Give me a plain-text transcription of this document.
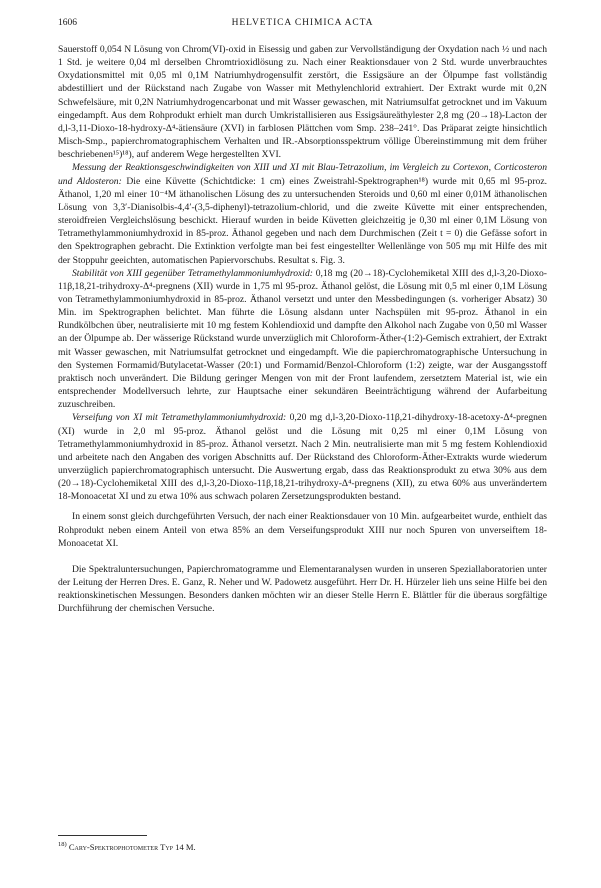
1606	HELVETICA CHIMICA ACTA

Sauerstoff 0,054 N Lösung von Chrom(VI)-oxid in Eisessig und gaben zur Vervollständigung der Oxydation nach ½ und nach 1 Std. je weitere 0,04 ml derselben Chromtrioxidlösung zu. Nach einer Reaktionsdauer von 2 Std. wurde unverbrauchtes Oxydationsmittel mit 0,05 ml 0,1M Natriumhydrogensulfit zerstört, die Essigsäure an der Ölpumpe fast vollständig abdestilliert und der Rückstand nach Zugabe von Wasser mit Methylenchlorid extrahiert. Der Extrakt wurde mit 0,2N Schwefelsäure, mit 0,2N Natriumhydrogencarbonat und mit Wasser gewaschen, mit Natriumsulfat getrocknet und im Vakuum eingedampft. Aus dem Rohprodukt erhielt man durch Umkristallisieren aus Essigsäureäthylester 2,8 mg (20→18)-Lacton der d,l-3,11-Dioxo-18-hydroxy-Δ⁴-ätiensäure (XVI) in farblosen Plättchen vom Smp. 238–241°. Das Präparat zeigte hinsichtlich Misch-Smp., papierchromatographischem Verhalten und IR.-Absorptionsspektrum völlige Übereinstimmung mit dem früher beschriebenen¹⁵)¹⁸), auf anderem Wege hergestellten XVI.

Messung der Reaktionsgeschwindigkeiten von XIII und XI mit Blau-Tetrazolium, im Vergleich zu Cortexon, Corticosteron und Aldosteron: Die eine Küvette (Schichtdicke: 1 cm) eines Zweistrahl-Spektrographen¹⁸) wurde mit 0,65 ml 95-proz. Äthanol, 1,20 ml einer 10⁻⁴M äthanolischen Lösung des zu untersuchenden Steroids und 0,60 ml einer 0,01M äthanolischen Lösung von 3,3′-Dianisolbis-4,4′-(3,5-diphenyl)-tetrazolium-chlorid, und die zweite Küvette mit einer entsprechenden, steroidfreien Vergleichslösung beschickt. Hierauf wurden in beide Küvetten gleichzeitig je 0,30 ml einer 0,1M Lösung von Tetramethylammoniumhydroxid in 85-proz. Äthanol gegeben und nach dem Durchmischen (Zeit t = 0) die Gefässe sofort in den Spektrographen gebracht. Die Extinktion verfolgte man bei fest eingestellter Wellenlänge von 505 mμ mit Hilfe des mit der Stoppuhr geeichten, automatischen Papiervorschubs. Resultat s. Fig. 3.

Stabilität von XIII gegenüber Tetramethylammoniumhydroxid: 0,18 mg (20→18)-Cyclohemiketal XIII des d,l-3,20-Dioxo-11β,18,21-trihydroxy-Δ⁴-pregnens (XII) wurde in 1,75 ml 95-proz. Äthanol gelöst, die Lösung mit 0,5 ml einer 0,1M Lösung von Tetramethylammoniumhydroxid in 85-proz. Äthanol versetzt und unter den Messbedingungen (s. vorheriger Absatz) 30 Min. im Spektrographen belichtet. Man führte die Lösung alsdann unter Nachspülen mit 95-proz. Äthanol in ein Rundkölbchen über, neutralisierte mit 10 mg festem Kohlendioxid und dampfte den Alkohol nach Zugabe von 0,50 ml Wasser an der Ölpumpe ab. Der wässerige Rückstand wurde unverzüglich mit Chloroform-Äther-(1:2)-Gemisch extrahiert, der Extrakt mit Wasser gewaschen, mit Natriumsulfat getrocknet und eingedampft. Wie die papierchromatographische Untersuchung in den Systemen Formamid/Butylacetat-Wasser (20:1) und Formamid/Benzol-Chloroform (1:2) zeigte, war der Ausgangsstoff praktisch noch unverändert. Die Bildung geringer Mengen von mit der Front laufendem, zersetztem Material ist, wie ein entsprechender Modellversuch lehrte, zur Hauptsache einer sekundären Beeinträchtigung während der Aufarbeitung zuzuschreiben.

Verseifung von XI mit Tetramethylammoniumhydroxid: 0,20 mg d,l-3,20-Dioxo-11β,21-dihydroxy-18-acetoxy-Δ⁴-pregnen (XI) wurde in 2,0 ml 95-proz. Äthanol gelöst und die Lösung mit 0,25 ml einer 0,1M Lösung von Tetramethylammoniumhydroxid in 85-proz. Äthanol versetzt. Nach 2 Min. neutralisierte man mit 5 mg festem Kohlendioxid und arbeitete nach den Angaben des vorigen Abschnitts auf. Der Rückstand des Chloroform-Äther-Extrakts wurde wiederum unverzüglich papierchromatographisch untersucht. Die Auswertung ergab, dass das Reaktionsprodukt zu etwa 30% aus dem (20→18)-Cyclohemiketal XIII des d,l-3,20-Dioxo-11β,18,21-trihydroxy-Δ⁴-pregnens (XII), zu etwa 60% aus unverändertem 18-Monoacetat XI und zu etwa 10% aus schwach polaren Zersetzungsprodukten bestand.

In einem sonst gleich durchgeführten Versuch, der nach einer Reaktionsdauer von 10 Min. aufgearbeitet wurde, enthielt das Rohprodukt neben einem Anteil von etwa 85% an dem Verseifungsprodukt XIII nur noch Spuren von unverseiftem 18-Monoacetat XI.

Die Spektraluntersuchungen, Papierchromatogramme und Elementaranalysen wurden in unseren Speziallaboratorien unter der Leitung der Herren Dres. E. Ganz, R. Neher und W. Padowetz ausgeführt. Herr Dr. H. Hürzeler lieh uns seine Hilfe bei den reaktionskinetischen Messungen. Besonders danken möchten wir an dieser Stelle Herrn E. Blättler für die überaus sorgfältige Durchführung der chemischen Versuche.

$^{18)}$ Cary-Spektrophotometer Typ 14 M.
